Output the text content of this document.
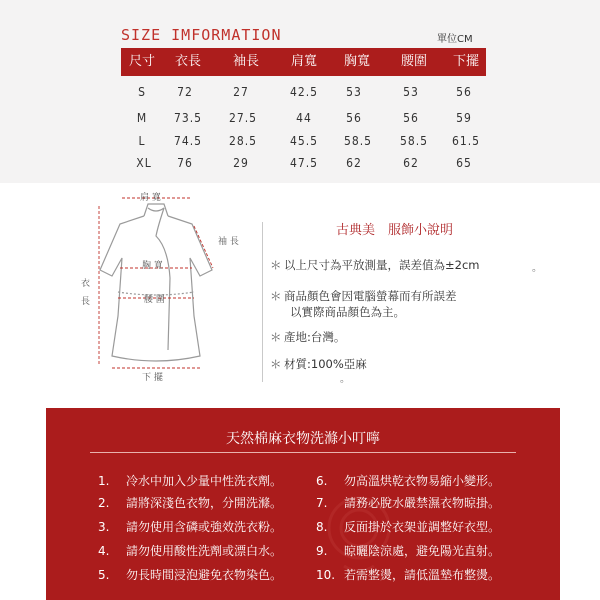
SIZE IMFORMATION	單位CM
尺寸 衣長 袖長 肩寬 胸寬 腰圍 下擺
S	72	27	42.5 53	53	56
M 73.5 27.5	44	56	56	59
L 74.5 28.5	45.5 58.5 58.5 61.5
XL 76	29	47.5 62	62	65
肩 寬
袖 長
胸 寬
衣
長	腰 圍
下 擺
古典美　服飾小說明
＊ 以上尺寸為平放測量，誤差值為±2cm	。
＊ 商品顏色會因電腦螢幕而有所誤差
以實際商品顏色為主。
＊ 產地:台灣。
＊ 材質:100%亞麻
。
天然棉麻衣物洗滌小叮嚀
1. 冷水中加入少量中性洗衣劑。
2. 請將深淺色衣物，分開洗滌。
3. 請勿使用含磷或強效洗衣粉。
4. 請勿使用酸性洗劑或漂白水。
5. 勿長時間浸泡避免衣物染色。
6. 勿高溫烘乾衣物易縮小變形。
7. 請務必脫水嚴禁濕衣物晾掛。
8. 反面掛於衣架並調整好衣型。
9. 晾曬陰涼處，避免陽光直射。
10. 若需整燙，請低溫墊布整燙。
